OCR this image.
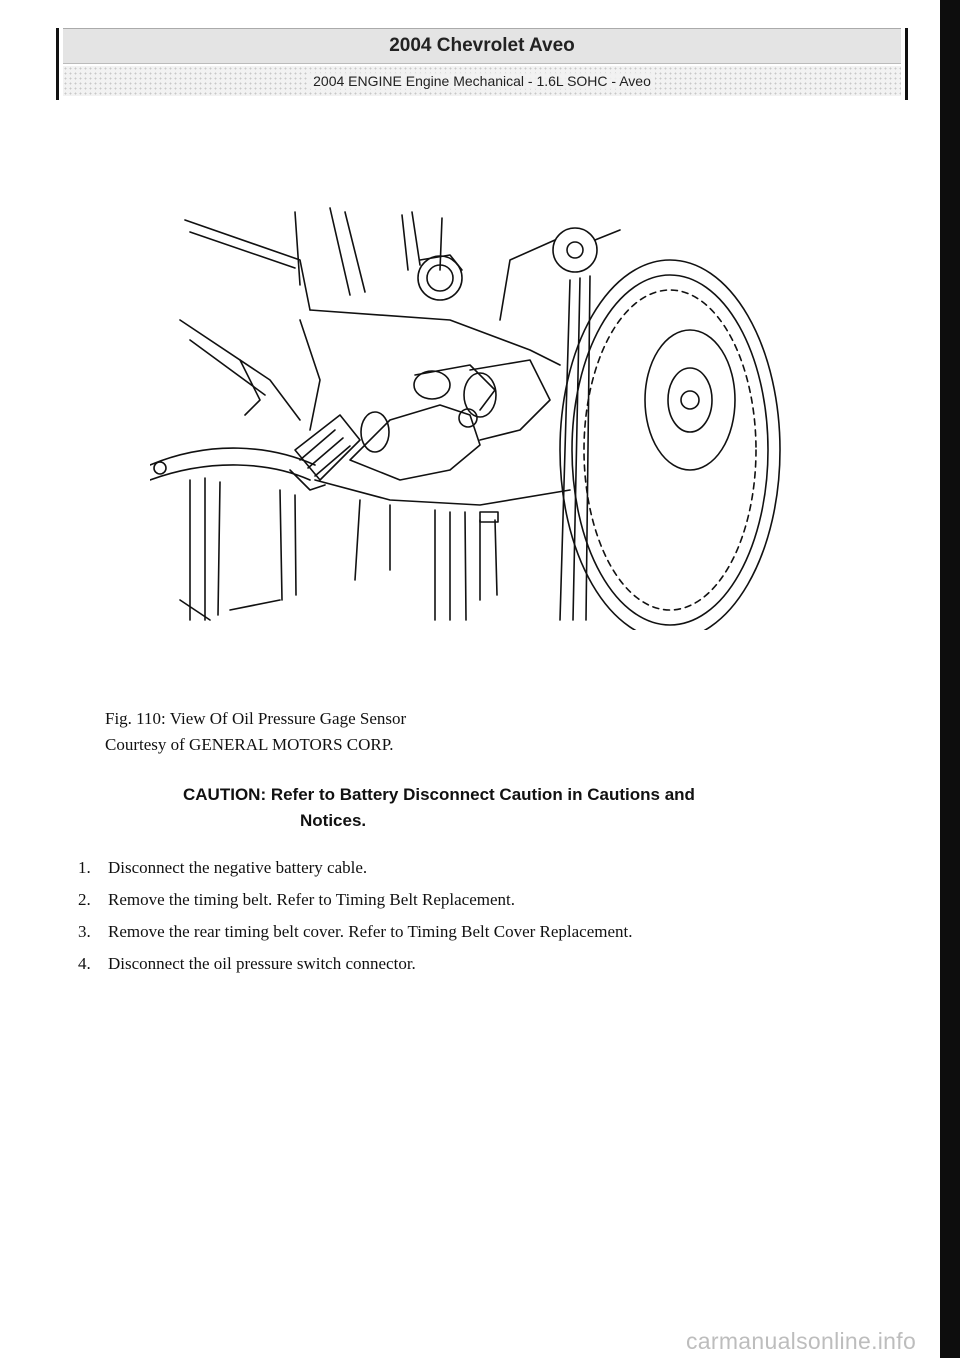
2004 Chevrolet Aveo
2004 ENGINE Engine Mechanical - 1.6L SOHC - Aveo
Fig. 110: View Of Oil Pressure Gage Sensor
Courtesy of GENERAL MOTORS CORP.
CAUTION: Refer to Battery Disconnect Caution in Cautions and
Notices.
1.	Disconnect the negative battery cable.
2.	Remove the timing belt. Refer to Timing Belt Replacement.
3.	Remove the rear timing belt cover. Refer to Timing Belt Cover Replacement.
4.	Disconnect the oil pressure switch connector.
carmanualsonline.info
